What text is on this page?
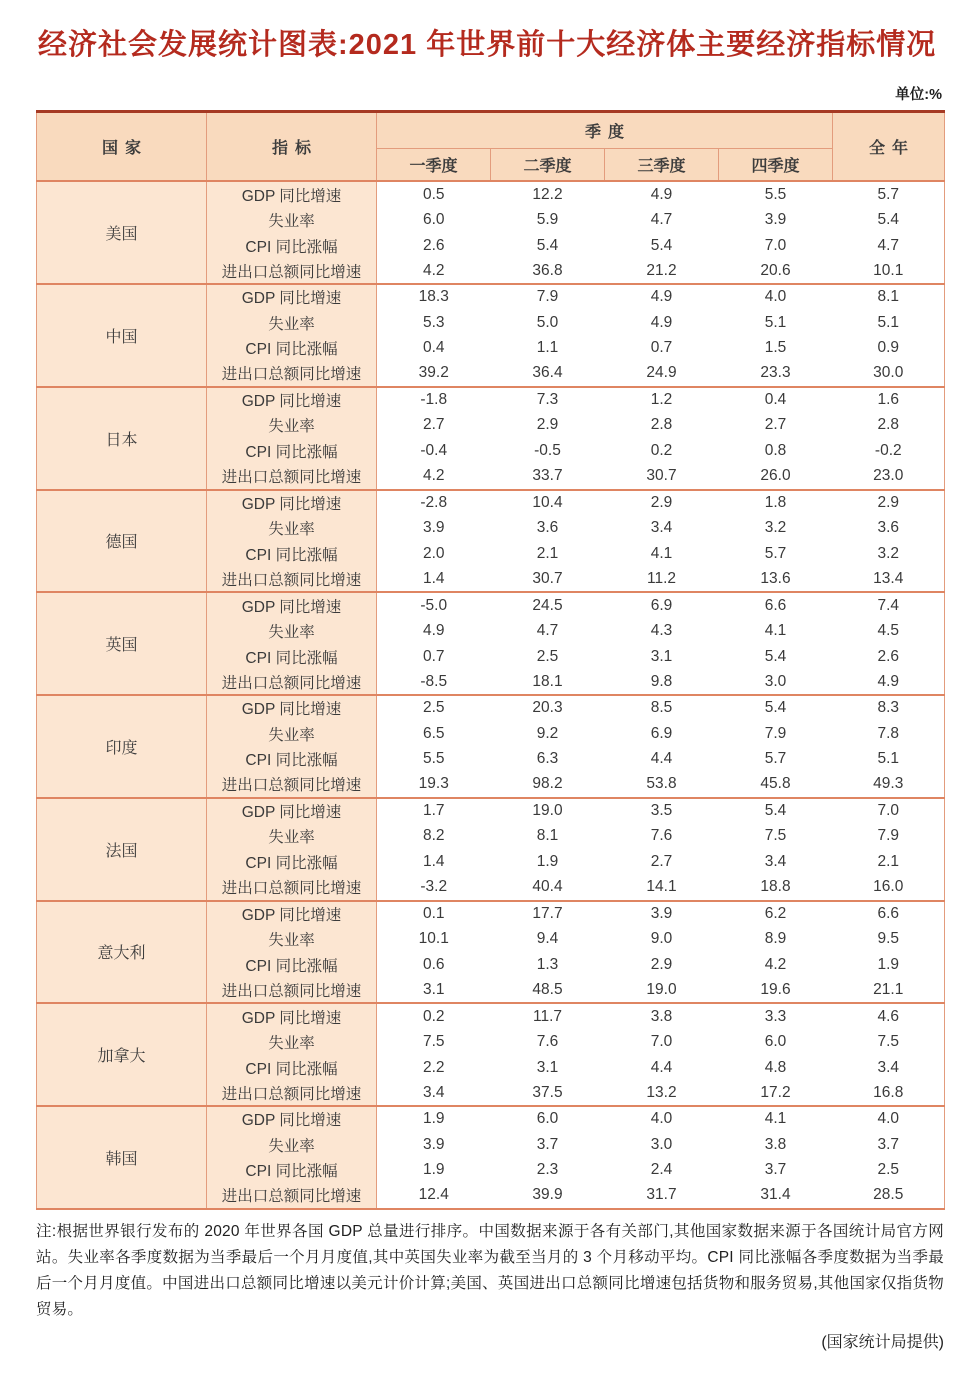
经济社会发展统计图表:2021 年世界前十大经济体主要经济指标情况
单位:%
国家	指标	季度				全年
		一季度	二季度	三季度	四季度	
美国	GDP 同比增速	0.5	12.2	4.9	5.5	5.7
	失业率	6.0	5.9	4.7	3.9	5.4
	CPI 同比涨幅	2.6	5.4	5.4	7.0	4.7
	进出口总额同比增速	4.2	36.8	21.2	20.6	10.1
中国	GDP 同比增速	18.3	7.9	4.9	4.0	8.1
	失业率	5.3	5.0	4.9	5.1	5.1
	CPI 同比涨幅	0.4	1.1	0.7	1.5	0.9
	进出口总额同比增速	39.2	36.4	24.9	23.3	30.0
日本	GDP 同比增速	-1.8	7.3	1.2	0.4	1.6
	失业率	2.7	2.9	2.8	2.7	2.8
	CPI 同比涨幅	-0.4	-0.5	0.2	0.8	-0.2
	进出口总额同比增速	4.2	33.7	30.7	26.0	23.0
德国	GDP 同比增速	-2.8	10.4	2.9	1.8	2.9
	失业率	3.9	3.6	3.4	3.2	3.6
	CPI 同比涨幅	2.0	2.1	4.1	5.7	3.2
	进出口总额同比增速	1.4	30.7	11.2	13.6	13.4
英国	GDP 同比增速	-5.0	24.5	6.9	6.6	7.4
	失业率	4.9	4.7	4.3	4.1	4.5
	CPI 同比涨幅	0.7	2.5	3.1	5.4	2.6
	进出口总额同比增速	-8.5	18.1	9.8	3.0	4.9
印度	GDP 同比增速	2.5	20.3	8.5	5.4	8.3
	失业率	6.5	9.2	6.9	7.9	7.8
	CPI 同比涨幅	5.5	6.3	4.4	5.7	5.1
	进出口总额同比增速	19.3	98.2	53.8	45.8	49.3
法国	GDP 同比增速	1.7	19.0	3.5	5.4	7.0
	失业率	8.2	8.1	7.6	7.5	7.9
	CPI 同比涨幅	1.4	1.9	2.7	3.4	2.1
	进出口总额同比增速	-3.2	40.4	14.1	18.8	16.0
意大利	GDP 同比增速	0.1	17.7	3.9	6.2	6.6
	失业率	10.1	9.4	9.0	8.9	9.5
	CPI 同比涨幅	0.6	1.3	2.9	4.2	1.9
	进出口总额同比增速	3.1	48.5	19.0	19.6	21.1
加拿大	GDP 同比增速	0.2	11.7	3.8	3.3	4.6
	失业率	7.5	7.6	7.0	6.0	7.5
	CPI 同比涨幅	2.2	3.1	4.4	4.8	3.4
	进出口总额同比增速	3.4	37.5	13.2	17.2	16.8
韩国	GDP 同比增速	1.9	6.0	4.0	4.1	4.0
	失业率	3.9	3.7	3.0	3.8	3.7
	CPI 同比涨幅	1.9	2.3	2.4	3.7	2.5
	进出口总额同比增速	12.4	39.9	31.7	31.4	28.5

注:根据世界银行发布的 2020 年世界各国 GDP 总量进行排序。中国数据来源于各有关部门,其他国家数据来源于各国统计局官方网站。失业率各季度数据为当季最后一个月月度值,其中英国失业率为截至当月的 3 个月移动平均。CPI 同比涨幅各季度数据为当季最后一个月月度值。中国进出口总额同比增速以美元计价计算;美国、英国进出口总额同比增速包括货物和服务贸易,其他国家仅指货物贸易。

(国家统计局提供)
